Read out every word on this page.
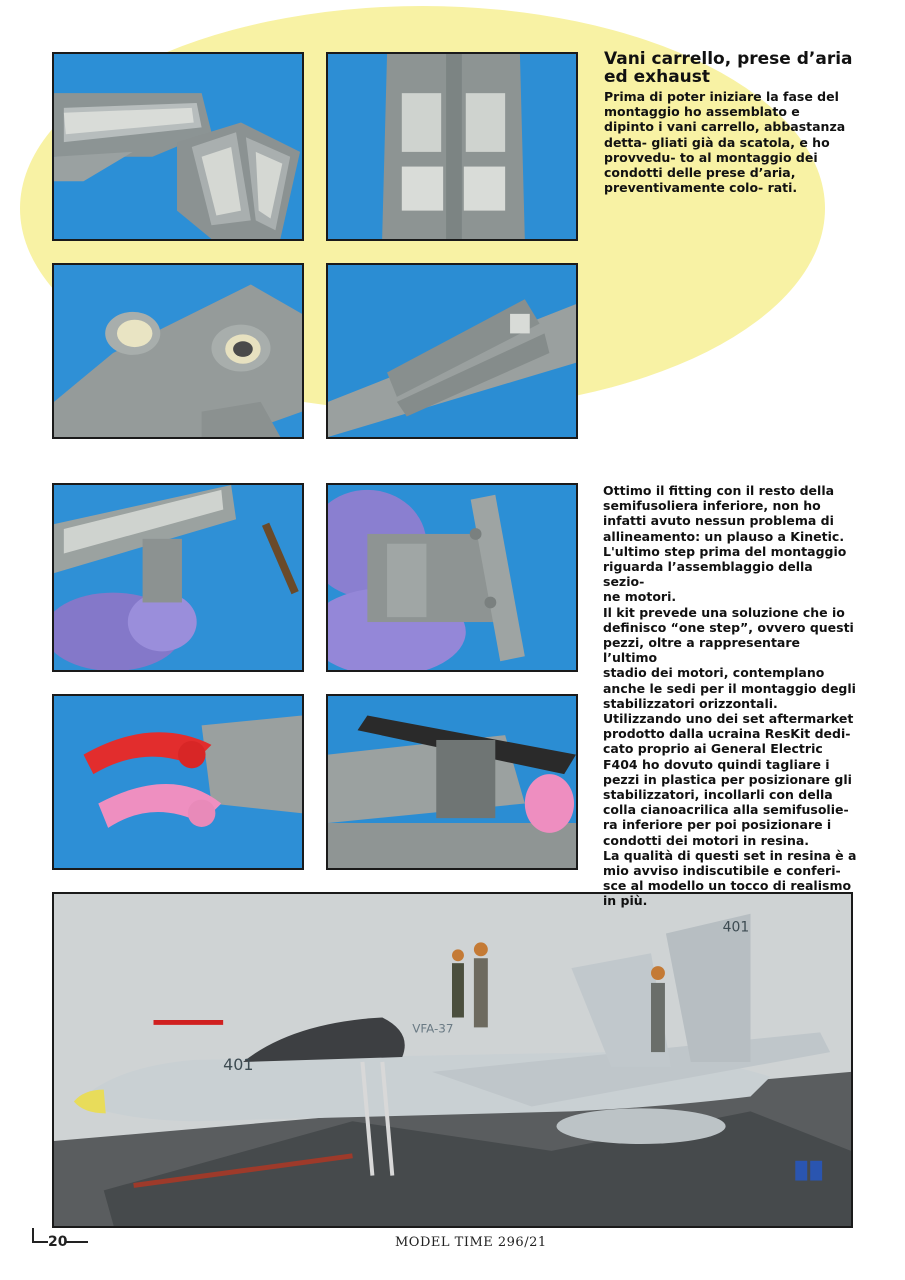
401
401
VFA-37
Vani carrello, prese d’aria ed exhaust

Prima di poter iniziare la fase del montaggio ho assemblato e dipinto i vani carrello, abbastanza detta- gliati già da scatola, e ho provvedu- to al montaggio dei condotti delle prese d’aria, preventivamente colo- rati.

Ottimo il fitting con il resto della
semifusoliera inferiore, non ho
infatti avuto nessun problema di
allineamento: un plauso a Kinetic.
L'ultimo step prima del montaggio
riguarda l’assemblaggio della sezio-
ne motori.
Il kit prevede una soluzione che io
definisco “one step”, ovvero questi
pezzi, oltre a rappresentare l’ultimo
stadio dei motori, contemplano
anche le sedi per il montaggio degli
stabilizzatori orizzontali.
Utilizzando uno dei set aftermarket
prodotto dalla ucraina ResKit dedi-
cato proprio ai General Electric
F404 ho dovuto quindi tagliare i
pezzi in plastica per posizionare gli
stabilizzatori, incollarli con della
colla cianoacrilica alla semifusolie-
ra inferiore per poi posizionare i
condotti dei motori in resina.
La qualità di questi set in resina è a
mio avviso indiscutibile e conferi-
sce al modello un tocco di realismo
in più.
20	MODEL TIME 296/21
